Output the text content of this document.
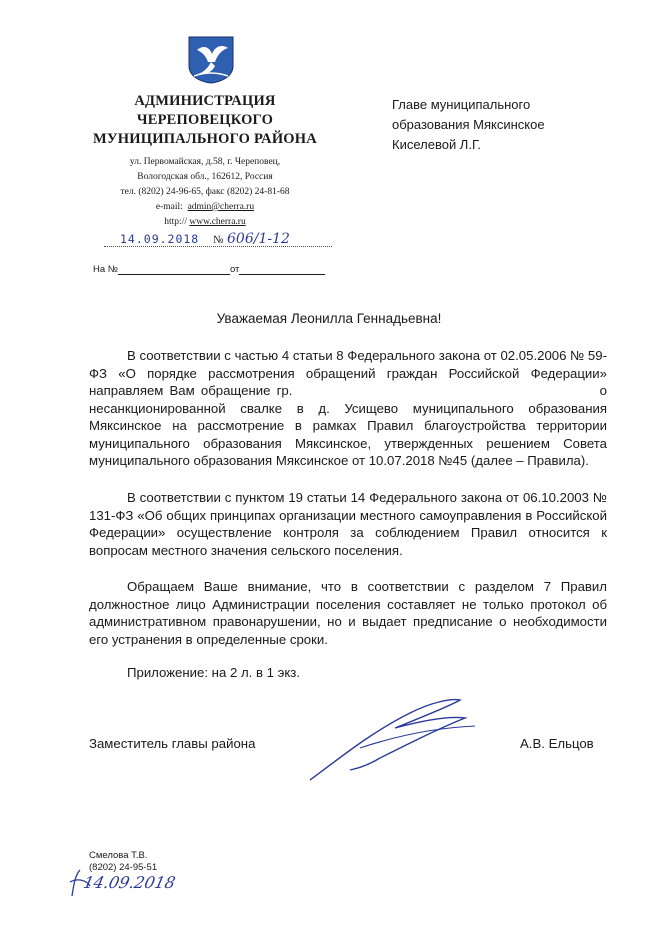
АДМИНИСТРАЦИЯ
ЧЕРЕПОВЕЦКОГО
МУНИЦИПАЛЬНОГО РАЙОНА
ул. Первомайская, д.58, г. Череповец,
Вологодская обл., 162612, Россия
тел. (8202) 24-96-65, факс (8202) 24-81-68
e-mail: admin@cherra.ru
http:// www.cherra.ru
14.09.2018 № 606/1-12
На №	от
Главе муниципального
образования Мяксинское
Киселевой Л.Г.
Уважаемая Леонилла Геннадьевна!
В соответствии с частью 4 статьи 8 Федерального закона от 02.05.2006 № 59-ФЗ «О порядке рассмотрения обращений граждан Российской Федерации» направляем Вам обращение гр.                                                  о несанкционированной свалке в д. Усищево муниципального образования Мяксинское на рассмотрение в рамках Правил благоустройства территории муниципального образования Мяксинское, утвержденных решением Совета муниципального образования Мяксинское от 10.07.2018 №45 (далее – Правила).
В соответствии с пунктом 19 статьи 14 Федерального закона от 06.10.2003 № 131-ФЗ «Об общих принципах организации местного самоуправления в Российской Федерации» осуществление контроля за соблюдением Правил относится к вопросам местного значения сельского поселения.
Обращаем Ваше внимание, что в соответствии с разделом 7 Правил должностное лицо Администрации поселения составляет не только протокол об административном правонарушении, но и выдает предписание о необходимости его устранения в определенные сроки.
Приложение: на 2 л. в 1 экз.
Заместитель главы района	А.В. Ельцов
Смелова Т.В.
(8202) 24-95-51
14.09.2018
